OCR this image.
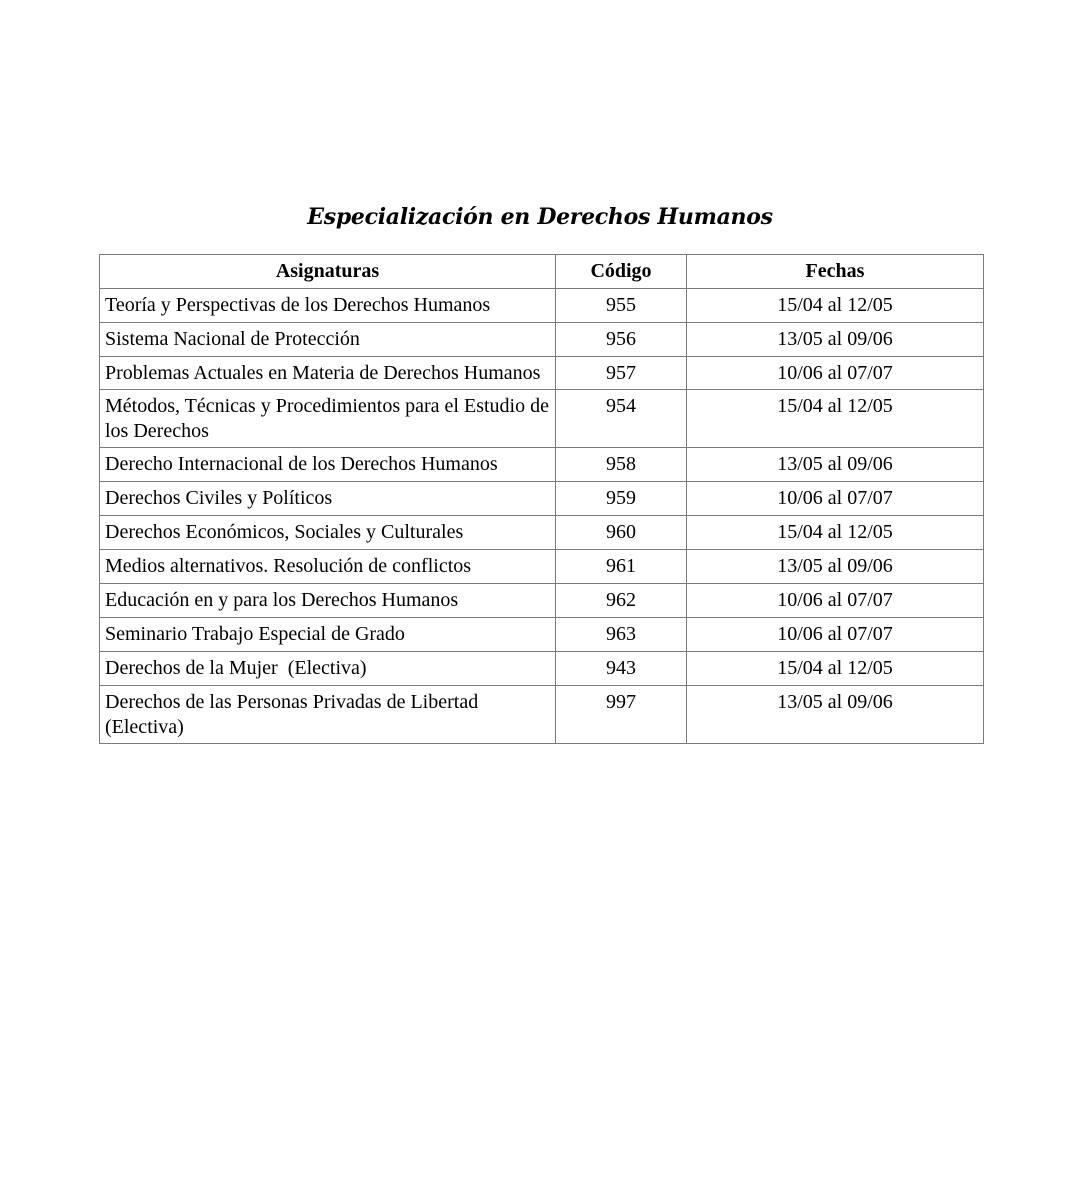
Especialización en Derechos Humanos
Asignaturas	Código	Fechas
Teoría y Perspectivas de los Derechos Humanos	955	15/04 al 12/05
Sistema Nacional de Protección	956	13/05 al 09/06
Problemas Actuales en Materia de Derechos Humanos	957	10/06 al 07/07
Métodos, Técnicas y Procedimientos para el Estudio de los Derechos	954	15/04 al 12/05
Derecho Internacional de los Derechos Humanos	958	13/05 al 09/06
Derechos Civiles y Políticos	959	10/06 al 07/07
Derechos Económicos, Sociales y Culturales	960	15/04 al 12/05
Medios alternativos. Resolución de conflictos	961	13/05 al 09/06
Educación en y para los Derechos Humanos	962	10/06 al 07/07
Seminario Trabajo Especial de Grado	963	10/06 al 07/07
Derechos de la Mujer  (Electiva)	943	15/04 al 12/05
Derechos de las Personas Privadas de Libertad (Electiva)	997	13/05 al 09/06
